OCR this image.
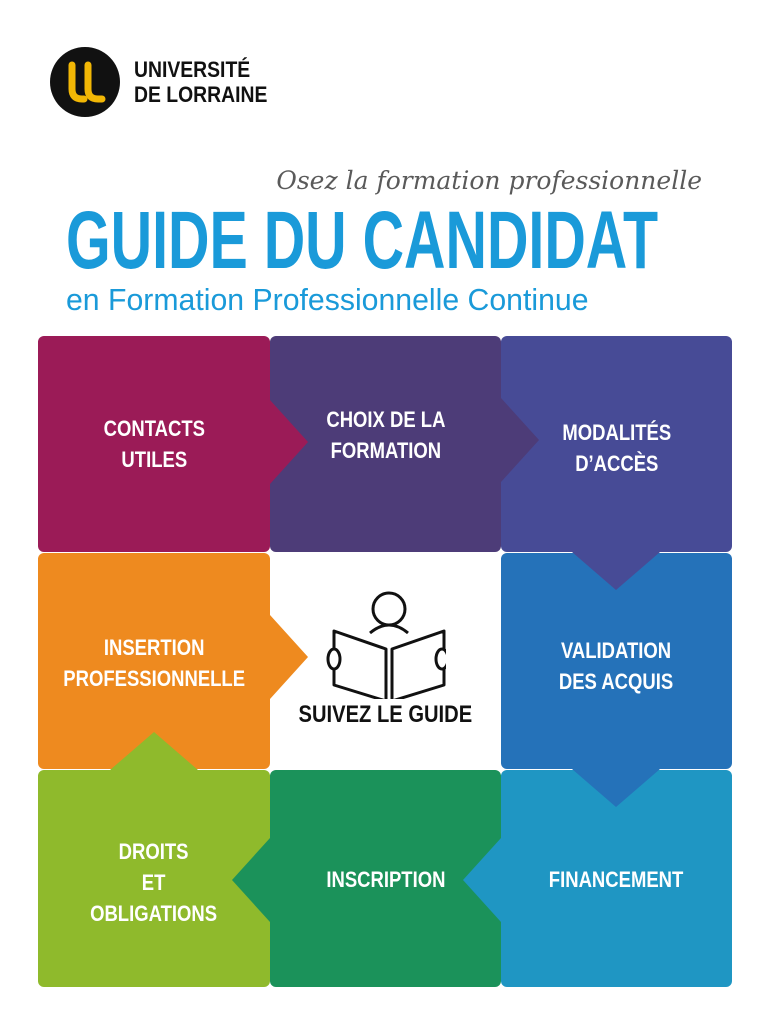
UNIVERSITÉ
DE LORRAINE
Osez la formation professionnelle
GUIDE DU CANDIDAT
en Formation Professionnelle Continue
CONTACTS
UTILES
CHOIX DE LA
FORMATION
MODALITÉS
D’ACCÈS
INSERTION
PROFESSIONNELLE
SUIVEZ LE GUIDE
VALIDATION
DES ACQUIS
DROITS
ET
OBLIGATIONS
INSCRIPTION	FINANCEMENT
